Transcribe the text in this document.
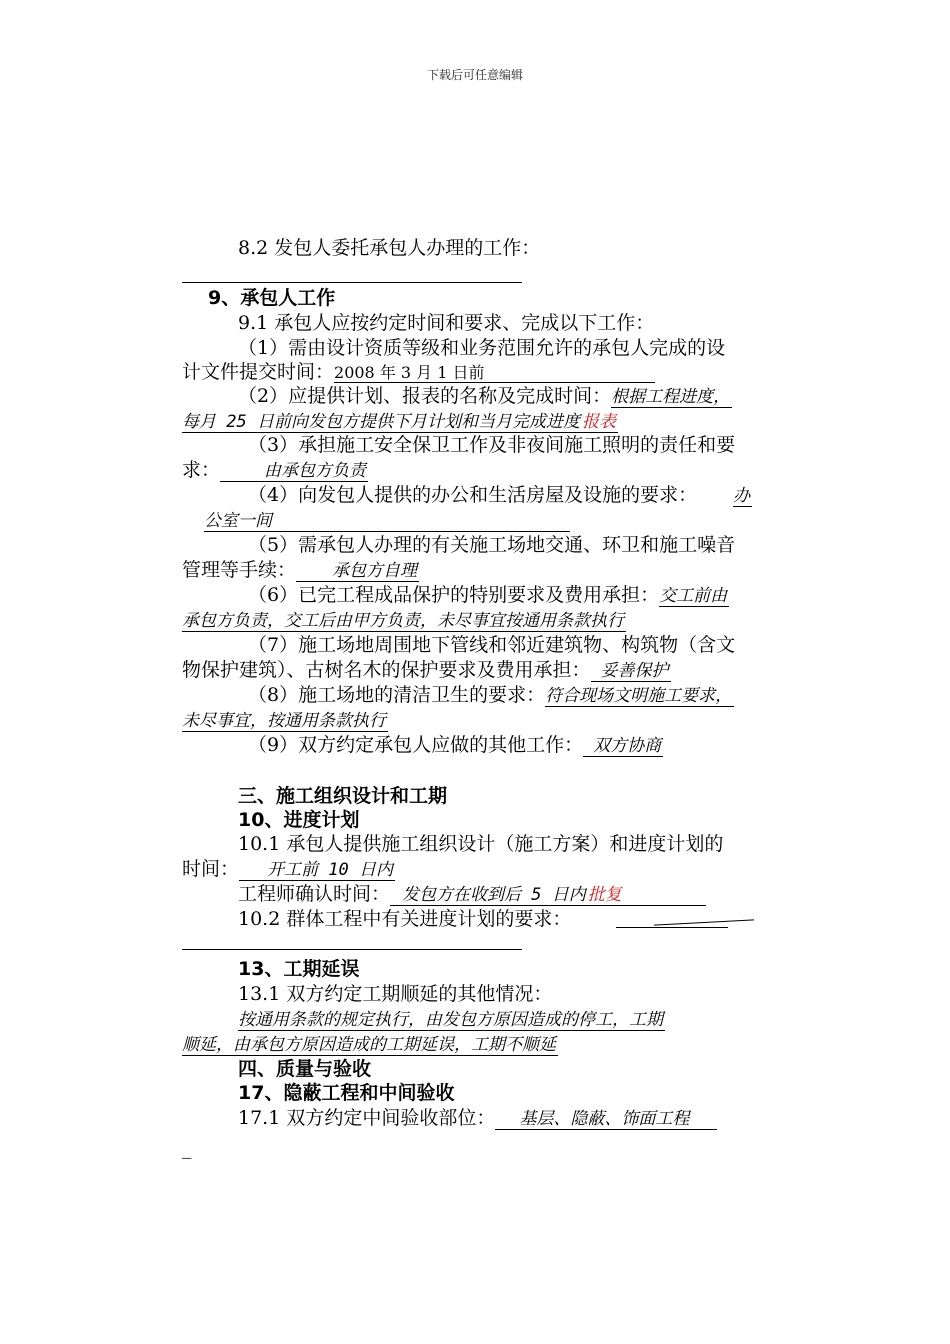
下载后可任意编辑
8.2 发包人委托承包人办理的工作：
9、承包人工作
9.1 承包人应按约定时间和要求、完成以下工作：
（1）需由设计资质等级和业务范围允许的承包人完成的设
计文件提交时间：2008 年 3 月 1 日前
（2）应提供计划、报表的名称及完成时间：根据工程进度，
每月 25 日前向发包方提供下月计划和当月完成进度 报表
（3）承担施工安全保卫工作及非夜间施工照明的责任和要
求：	由承包方负责
（4）向发包人提供的办公和生活房屋及设施的要求： 办
公室一间
（5）需承包人办理的有关施工场地交通、环卫和施工噪音
管理等手续： 承包方自理
（6）已完工程成品保护的特别要求及费用承担：交工前由
承包方负责，交工后由甲方负责，未尽事宜按通用条款执行
（7）施工场地周围地下管线和邻近建筑物、构筑物（含文
物保护建筑）、古树名木的保护要求及费用承担： 妥善保护
（8）施工场地的清洁卫生的要求：符合现场文明施工要求，
未尽事宜，按通用条款执行
（9）双方约定承包人应做的其他工作： 双方协商
三、施工组织设计和工期
10、进度计划
10.1 承包人提供施工组织设计（施工方案）和进度计划的
时间： 开工前 10 日内
工程师确认时间： 发包方在收到后 5 日内 批复
10.2 群体工程中有关进度计划的要求：
13、工期延误
13.1 双方约定工期顺延的其他情况：
按通用条款的规定执行，由发包方原因造成的停工，工期
顺延，由承包方原因造成的工期延误，工期不顺延
四、质量与验收
17、隐蔽工程和中间验收
17.1 双方约定中间验收部位： 基层、隐蔽、饰面工程
_
